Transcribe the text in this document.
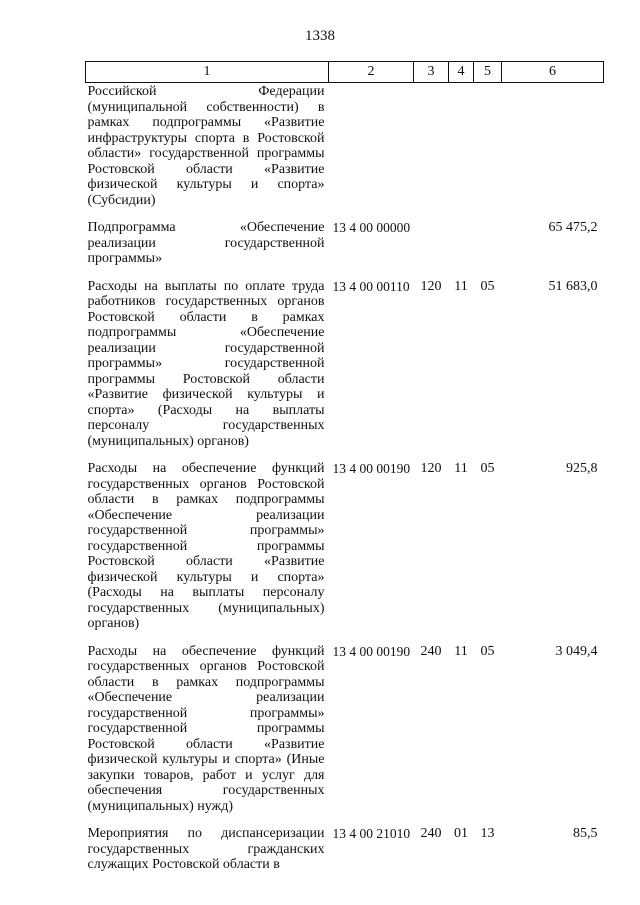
1338
1	2	3	4	5	6
Российской Федерации (муниципальной собственности) в рамках подпрограммы «Развитие инфраструктуры спорта в Ростовской области» государственной программы Ростовской области «Развитие физической культуры и спорта» (Субсидии)					

Подпрограмма «Обеспечение реализации государственной программы»	13 4 00 00000				65 475,2

Расходы на выплаты по оплате труда работников государственных органов Ростовской области в рамках подпрограммы «Обеспечение реализации государственной программы» государственной программы Ростовской области «Развитие физической культуры и спорта» (Расходы на выплаты персоналу государственных (муниципальных) органов)	13 4 00 00110	120	11	05	51 683,0

Расходы на обеспечение функций государственных органов Ростовской области в рамках подпрограммы «Обеспечение реализации государственной программы» государственной программы Ростовской области «Развитие физической культуры и спорта» (Расходы на выплаты персоналу государственных (муниципальных) органов)	13 4 00 00190	120	11	05	925,8

Расходы на обеспечение функций государственных органов Ростовской области в рамках подпрограммы «Обеспечение реализации государственной программы» государственной программы Ростовской области «Развитие физической культуры и спорта» (Иные закупки товаров, работ и услуг для обеспечения государственных (муниципальных) нужд)	13 4 00 00190	240	11	05	3 049,4

Мероприятия по диспансеризации государственных гражданских служащих Ростовской области в	13 4 00 21010	240	01	13	85,5
